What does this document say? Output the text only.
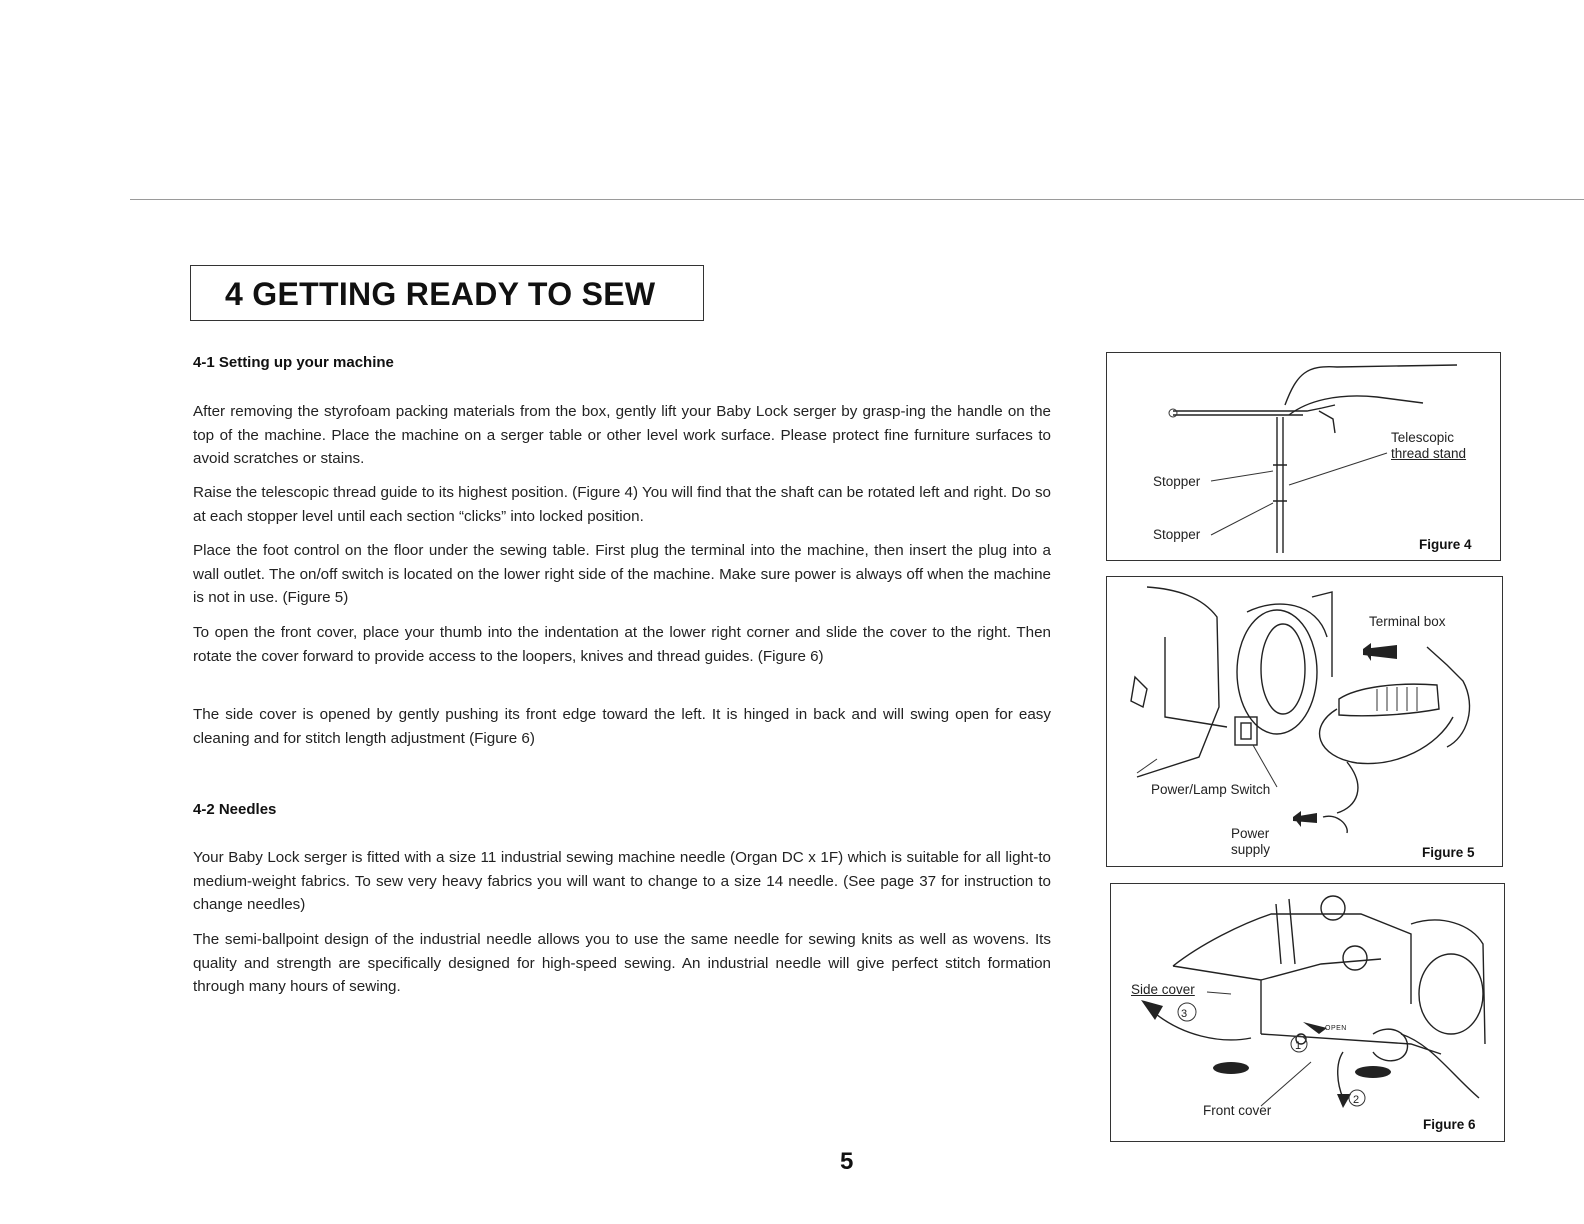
4 GETTING READY TO SEW
4-1 Setting up your machine

After removing the styrofoam packing materials from the box, gently lift your Baby Lock serger by grasp-ing the handle on the top of the machine. Place the machine on a serger table or other level work surface. Please protect fine furniture surfaces to avoid scratches or stains.

Raise the telescopic thread guide to its highest position. (Figure 4) You will find that the shaft can be rotated left and right. Do so at each stopper level until each section “clicks” into locked position.

Place the foot control on the floor under the sewing table. First plug the terminal into the machine, then insert the plug into a wall outlet. The on/off switch is located on the lower right side of the machine. Make sure power is always off when the machine is not in use. (Figure 5)

To open the front cover, place your thumb into the indentation at the lower right corner and slide the cover to the right. Then rotate the cover forward to provide access to the loopers, knives and thread guides. (Figure 6)

The side cover is opened by gently pushing its front edge toward the left. It is hinged in back and will swing open for easy cleaning and for stitch length adjustment (Figure 6)

4-2 Needles

Your Baby Lock serger is fitted with a size 11 industrial sewing machine needle (Organ DC x 1F) which is suitable for all light-to medium-weight fabrics. To sew very heavy fabrics you will want to change to a size 14 needle. (See page 37 for instruction to change needles)

The semi-ballpoint design of the industrial needle allows you to use the same needle for sewing knits as well as wovens. Its quality and strength are specifically designed for high-speed sewing. An industrial needle will give perfect stitch formation through many hours of sewing.

Telescopic
thread stand
Stopper
Stopper
Figure 4
Terminal box
Power/Lamp Switch
Power
supply	Figure 5
3
1
2
OPEN
Side cover
Front cover
Figure 6
5
